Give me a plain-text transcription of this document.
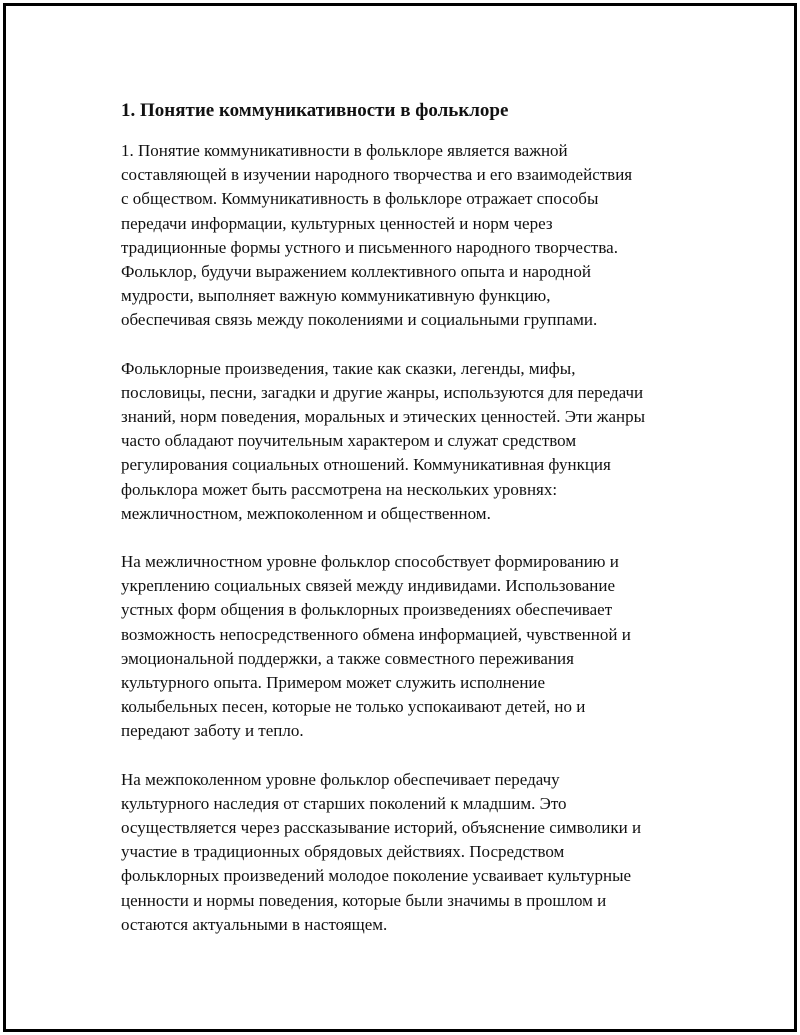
1. Понятие коммуникативности в фольклоре

1. Понятие коммуникативности в фольклоре является важной
составляющей в изучении народного творчества и его взаимодействия
с обществом. Коммуникативность в фольклоре отражает способы
передачи информации, культурных ценностей и норм через
традиционные формы устного и письменного народного творчества.
Фольклор, будучи выражением коллективного опыта и народной
мудрости, выполняет важную коммуникативную функцию,
обеспечивая связь между поколениями и социальными группами.

Фольклорные произведения, такие как сказки, легенды, мифы,
пословицы, песни, загадки и другие жанры, используются для передачи
знаний, норм поведения, моральных и этических ценностей. Эти жанры
часто обладают поучительным характером и служат средством
регулирования социальных отношений. Коммуникативная функция
фольклора может быть рассмотрена на нескольких уровнях:
межличностном, межпоколенном и общественном.

На межличностном уровне фольклор способствует формированию и
укреплению социальных связей между индивидами. Использование
устных форм общения в фольклорных произведениях обеспечивает
возможность непосредственного обмена информацией, чувственной и
эмоциональной поддержки, а также совместного переживания
культурного опыта. Примером может служить исполнение
колыбельных песен, которые не только успокаивают детей, но и
передают заботу и тепло.

На межпоколенном уровне фольклор обеспечивает передачу
культурного наследия от старших поколений к младшим. Это
осуществляется через рассказывание историй, объяснение символики и
участие в традиционных обрядовых действиях. Посредством
фольклорных произведений молодое поколение усваивает культурные
ценности и нормы поведения, которые были значимы в прошлом и
остаются актуальными в настоящем.
